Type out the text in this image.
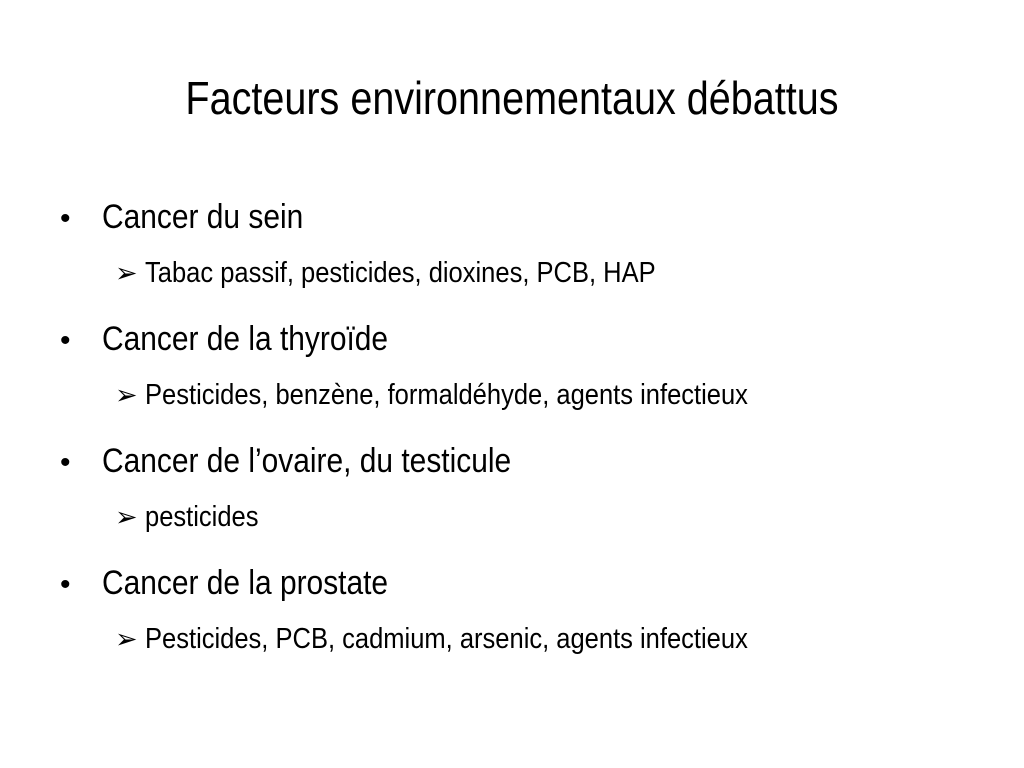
Facteurs environnementaux débattus
• Cancer du sein
➢ Tabac passif, pesticides, dioxines, PCB, HAP
• Cancer de la thyroïde
➢ Pesticides, benzène, formaldéhyde, agents infectieux
• Cancer de l’ovaire, du testicule
➢ pesticides
• Cancer de la prostate
➢ Pesticides, PCB, cadmium, arsenic, agents infectieux
